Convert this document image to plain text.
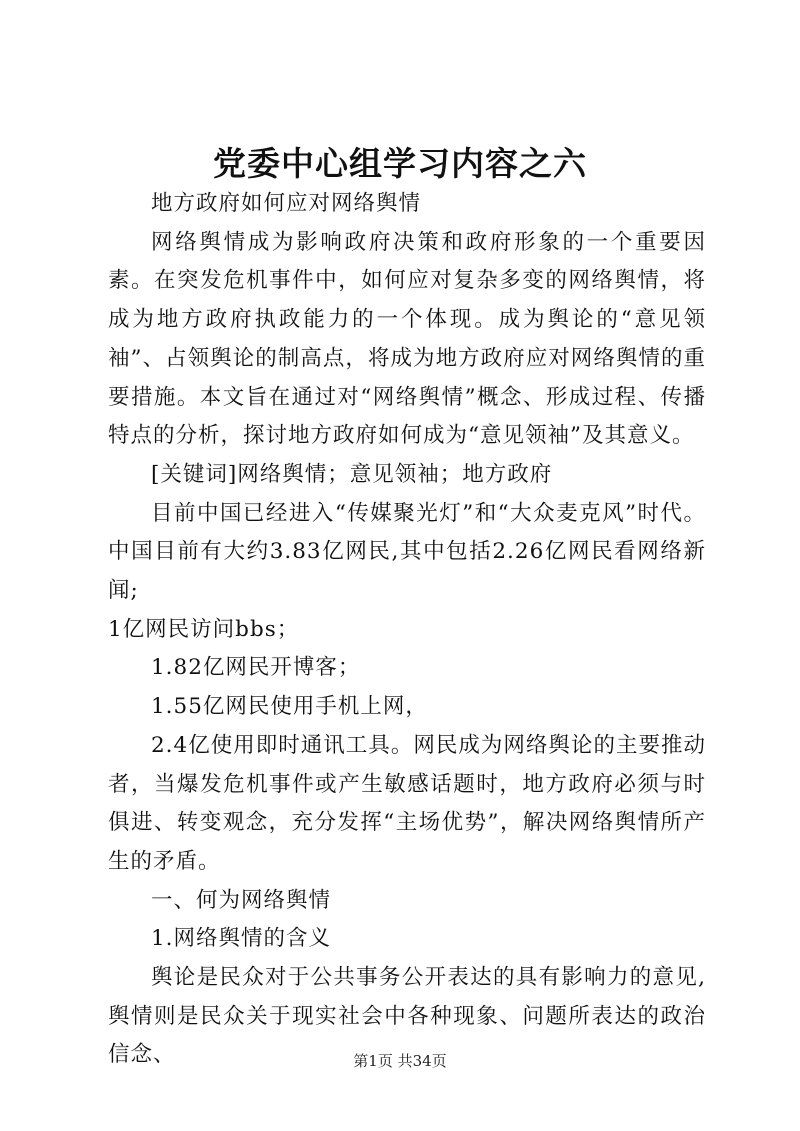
党委中心组学习内容之六

地方政府如何应对网络舆情

网络舆情成为影响政府决策和政府形象的一个重要因素。在突发危机事件中，如何应对复杂多变的网络舆情，将成为地方政府执政能力的一个体现。成为舆论的“意见领袖”、占领舆论的制高点，将成为地方政府应对网络舆情的重要措施。本文旨在通过对“网络舆情”概念、形成过程、传播特点的分析，探讨地方政府如何成为“意见领袖”及其意义。

[关键词]网络舆情；意见领袖；地方政府

目前中国已经进入“传媒聚光灯”和“大众麦克风”时代。中国目前有大约3.83亿网民,其中包括2.26亿网民看网络新闻;

1亿网民访问bbs；

1.82亿网民开博客；

1.55亿网民使用手机上网，

2.4亿使用即时通讯工具。网民成为网络舆论的主要推动者，当爆发危机事件或产生敏感话题时，地方政府必须与时俱进、转变观念，充分发挥“主场优势”，解决网络舆情所产生的矛盾。

一、何为网络舆情

1.网络舆情的含义

舆论是民众对于公共事务公开表达的具有影响力的意见,舆情则是民众关于现实社会中各种现象、问题所表达的政治信念、	第1页 共34页
